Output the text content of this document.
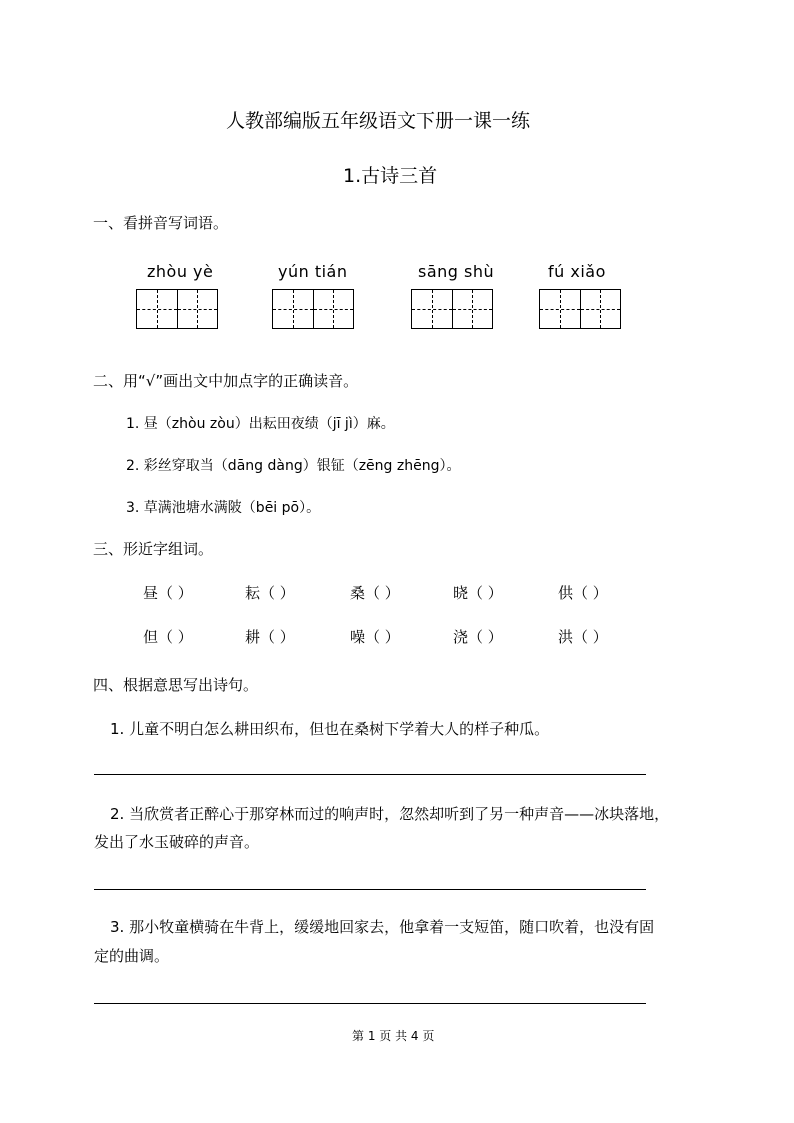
人教部编版五年级语文下册一课一练
1.古诗三首
一、看拼音写词语。
zhòu yè	yún tián	sāng shù	fú xiǎo
二、用“√”画出文中加点字的正确读音。
1. 昼（zhòu zòu）出耘田夜绩（jī jì）麻。
2. 彩丝穿取当（dāng dàng）银钲（zēng zhēng）。
3. 草满池塘水满陂（bēi pō）。
三、形近字组词。
昼（ ）	耘（ ）	桑（ ）	晓（ ）	供（ ）
但（ ）	耕（ ）	噪（ ）	浇（ ）	洪（ ）
四、根据意思写出诗句。
1. 儿童不明白怎么耕田织布，但也在桑树下学着大人的样子种瓜。
2. 当欣赏者正醉心于那穿林而过的响声时，忽然却听到了另一种声音——冰块落地，
发出了水玉破碎的声音。
3. 那小牧童横骑在牛背上，缓缓地回家去，他拿着一支短笛，随口吹着，也没有固
定的曲调。
第 1 页 共 4 页
